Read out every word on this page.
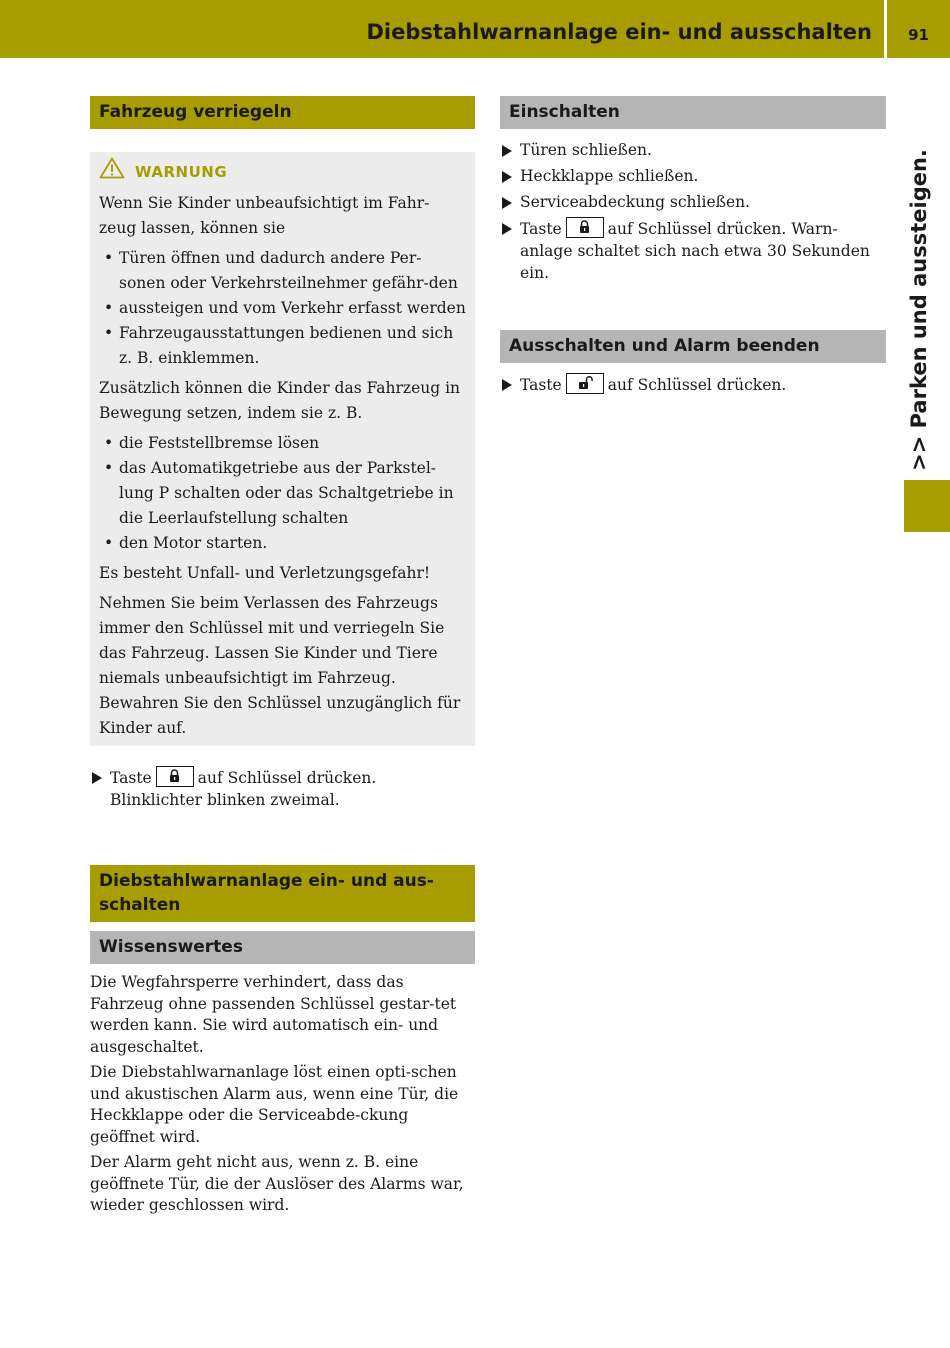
Diebstahlwarnanlage ein- und ausschalten	91
>> Parken und aussteigen.
Fahrzeug verriegeln
WARNUNG

Wenn Sie Kinder unbeaufsichtigt im Fahr-zeug lassen, können sie

• Türen öffnen und dadurch andere Per-sonen oder Verkehrsteilnehmer gefähr-den
• aussteigen und vom Verkehr erfasst werden
• Fahrzeugausstattungen bedienen und sich z. B. einklemmen.

Zusätzlich können die Kinder das Fahrzeug in Bewegung setzen, indem sie z. B.

• die Feststellbremse lösen
• das Automatikgetriebe aus der Parkstel-lung P schalten oder das Schaltgetriebe in die Leerlaufstellung schalten
• den Motor starten.

Es besteht Unfall- und Verletzungsgefahr!

Nehmen Sie beim Verlassen des Fahrzeugs immer den Schlüssel mit und verriegeln Sie das Fahrzeug. Lassen Sie Kinder und Tiere niemals unbeaufsichtigt im Fahrzeug. Bewahren Sie den Schlüssel unzugänglich für Kinder auf.

Taste	auf Schlüssel drücken.
Blinklichter blinken zweimal.
Diebstahlwarnanlage ein- und aus-schalten
Wissenswertes

Die Wegfahrsperre verhindert, dass das Fahrzeug ohne passenden Schlüssel gestar-tet werden kann. Sie wird automatisch ein- und ausgeschaltet.

Die Diebstahlwarnanlage löst einen opti-schen und akustischen Alarm aus, wenn eine Tür, die Heckklappe oder die Serviceabde-ckung geöffnet wird.

Der Alarm geht nicht aus, wenn z. B. eine geöffnete Tür, die der Auslöser des Alarms war, wieder geschlossen wird.

Einschalten
Türen schließen.
Heckklappe schließen.
Serviceabdeckung schließen.
Taste	auf Schlüssel drücken. Warn-anlage schaltet sich nach etwa 30 Sekunden ein.
Ausschalten und Alarm beenden
Taste	auf Schlüssel drücken.
